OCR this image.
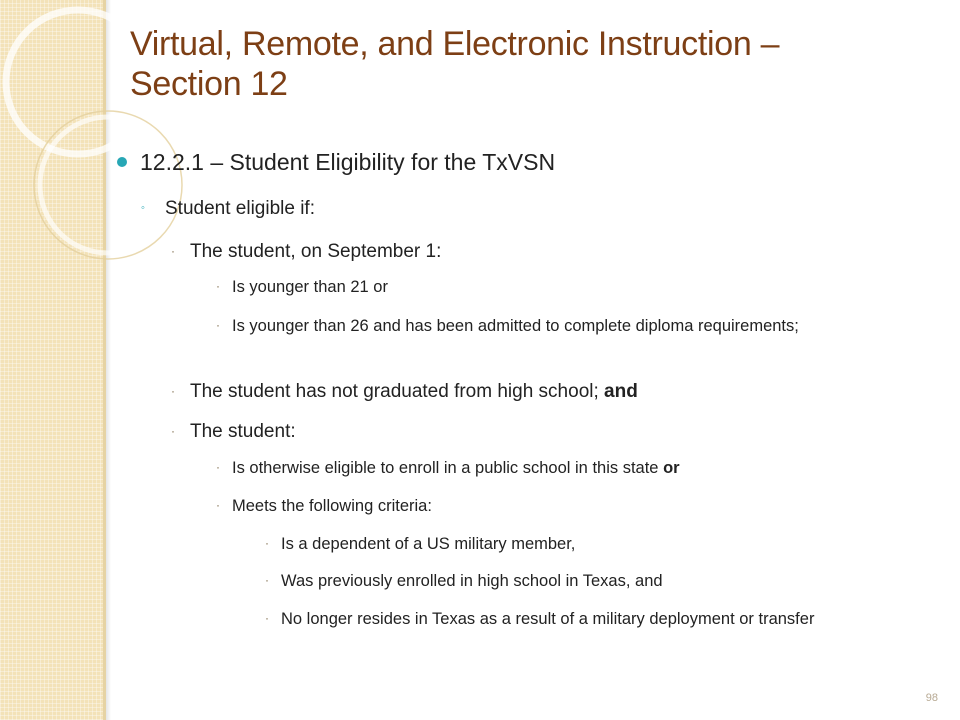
Virtual, Remote, and Electronic Instruction –
Section 12
12.2.1 – Student Eligibility for the TxVSN
◦ Student eligible if:
· The student, on September 1:
· Is younger than 21 or
· Is younger than 26 and has been admitted to complete diploma requirements;
· The student has not graduated from high school; and
· The student:
· Is otherwise eligible to enroll in a public school in this state or
· Meets the following criteria:
· Is a dependent of a US military member,
· Was previously enrolled in high school in Texas, and
· No longer resides in Texas as a result of a military deployment or transfer
98
